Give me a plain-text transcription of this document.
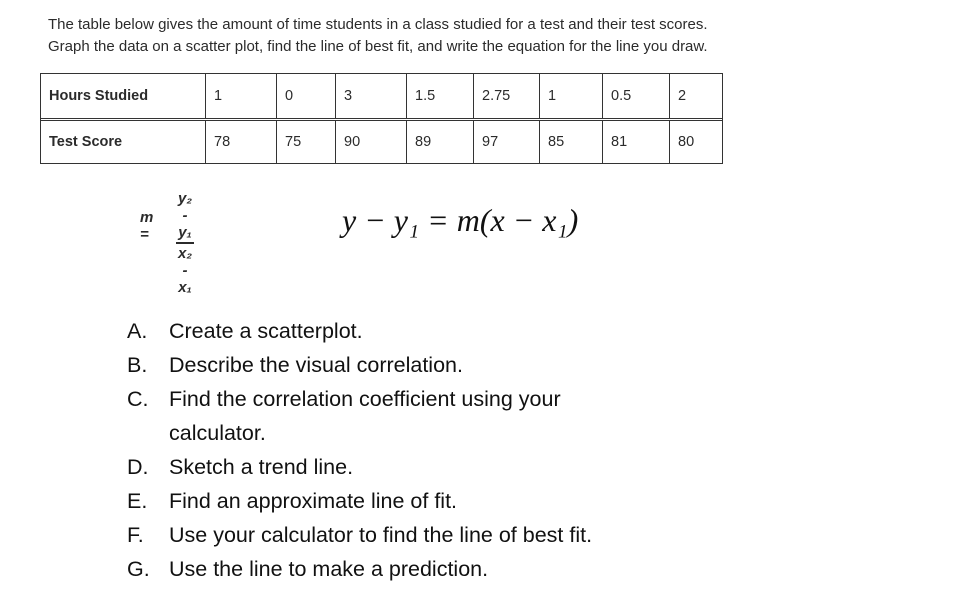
The table below gives the amount of time students in a class studied for a test and their test scores.
Graph the data on a scatter plot, find the line of best fit, and write the equation for the line you draw.
Hours Studied	1	0	3	1.5	2.75	1	0.5	2

Test Score	78	75	90	89	97	85	81	80
m =
y₂ - y₁
x₂ - x₁
y − y₁ = m(x − x₁)
A.	Create a scatterplot.
B.	Describe the visual correlation.
C. Find the correlation coefficient using your calculator.
D. Sketch a trend line.
E.	Find an approximate line of fit.
F.	Use your calculator to find the line of best fit.
G. Use the line to make a prediction.
